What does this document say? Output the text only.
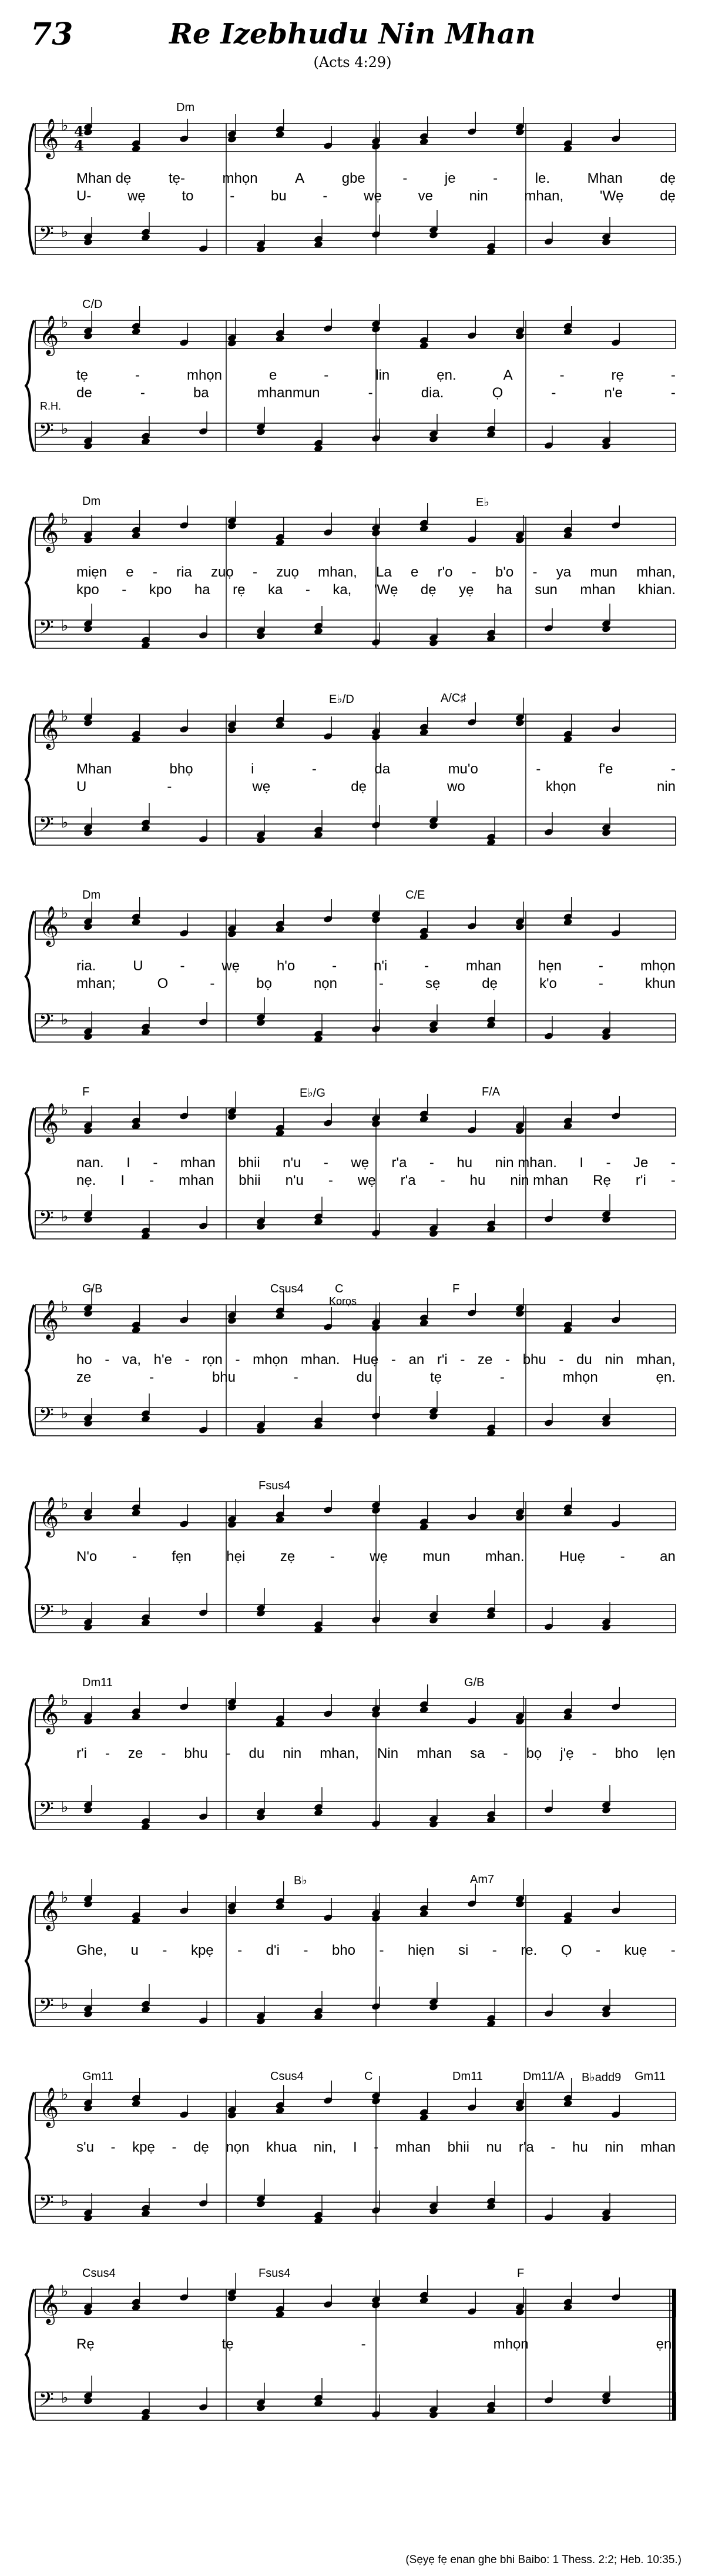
73	Re Izebhudu Nin Mhan
(Acts 4:29)
𝄞 ♭
𝄢 ♭
4
4
Dm
Mhan dẹ	tẹ-	mhọn	A	gbe	-	je	-	le.	Mhan	dẹ
U-	wẹ	to	-	bu	-	wẹ	ve	nin	mhan,	'Wẹ	dẹ
𝄞 ♭
𝄢 ♭
C/D
R.H.
tẹ	-	mhọn	e	-	lin	ẹn.	A	-	rẹ	-
de	-	ba	mhanmun	-	dia.	Ọ	-	n'e	-
𝄞 ♭
𝄢 ♭
Dm	E♭
miẹn e - ria zuọ - zuọ mhan, La e r'o - b'o - ya mun mhan,
kpo - kpo ha rẹ ka - ka, 'Wẹ dẹ yẹ ha sun mhan khian.
𝄞 ♭
𝄢 ♭
E♭/D	A/C♯
Mhan	bhọ	i	-	da	mu'o	-	f'e	-
U	-	wẹ	dẹ	wo	khọn	nin
𝄞 ♭
𝄢 ♭
Dm	C/E
ria.	U	-	wẹ	h'o	-	n'i	-	mhan	hẹn	-	mhọn
mhan;	O	-	bọ	nọn	-	sẹ	dẹ	k'o	-	khun
𝄞 ♭
𝄢 ♭
F	E♭/G	F/A
nan. I - mhan bhii n'u - wẹ r'a - hu nin mhan. I - Je -
nẹ. I - mhan bhii n'u - wẹ r'a - hu nin mhan Rẹ r'i -
𝄞 ♭
𝄢 ♭
G/B	Csus4	C	F
Korọs
ho - va, h'e - rọn - mhọn mhan. Huẹ - an r'i - ze - bhu - du nin mhan,
ze	-	bhu	-	du	tẹ	-	mhọn	ẹn.
𝄞 ♭
𝄢 ♭
Fsus4
N'o - fẹn hẹi zẹ - wẹ mun mhan. Huẹ - an
𝄞 ♭
𝄢 ♭
Dm11	G/B
r'i - ze - bhu - du nin mhan, Nin mhan sa - bọ j'ẹ - bho lẹn
𝄞 ♭
𝄢 ♭
B♭	Am7
Ghe, u - kpẹ - d'i - bho - hiẹn si - re. Ọ - kuẹ -
𝄞 ♭
𝄢 ♭
Gm11	Csus4	C	Dm11	Dm11/A B♭add9 Gm11
s'u - kpẹ - dẹ nọn khua nin, I - mhan bhii nu r'a - hu nin mhan
𝄞 ♭
𝄢 ♭
Csus4	Fsus4	F
Rẹ	tẹ	-	mhọn	ẹn.
(Sẹyẹ fẹ enan ghe bhi Baibo: 1 Thess. 2:2; Heb. 10:35.)
